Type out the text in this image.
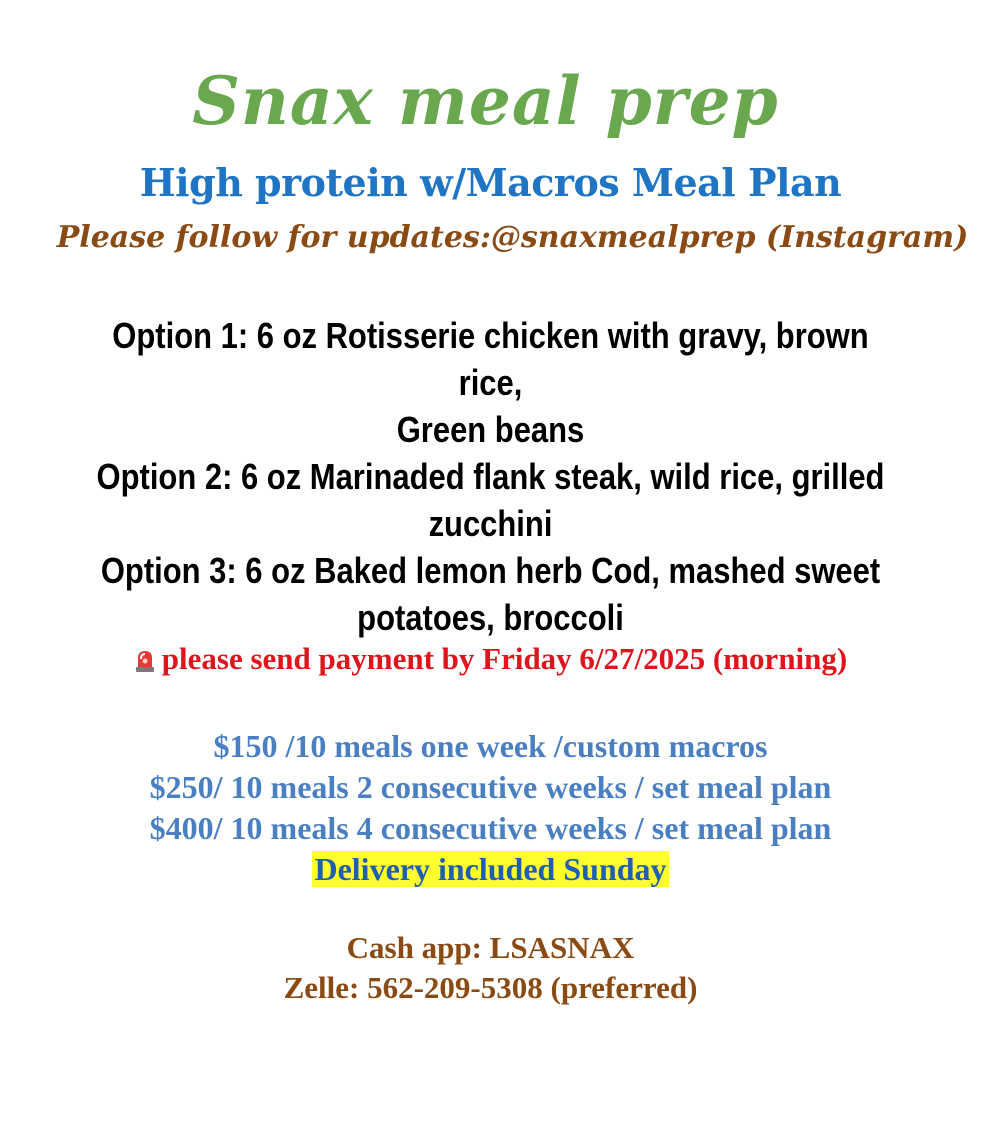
Snax meal prep
High protein w/Macros Meal Plan
Please follow for updates:@snaxmealprep (Instagram)
Option 1: 6 oz Rotisserie chicken with gravy, brown rice,
Green beans
Option 2: 6 oz Marinaded flank steak, wild rice, grilled
zucchini
Option 3: 6 oz Baked lemon herb Cod, mashed sweet
potatoes, broccoli
please send payment by Friday 6/27/2025 (morning)
$150 /10 meals one week /custom macros
$250/ 10 meals 2 consecutive weeks / set meal plan
$400/ 10 meals 4 consecutive weeks / set meal plan
Delivery included Sunday
Cash app: LSASNAX
Zelle: 562-209-5308 (preferred)
